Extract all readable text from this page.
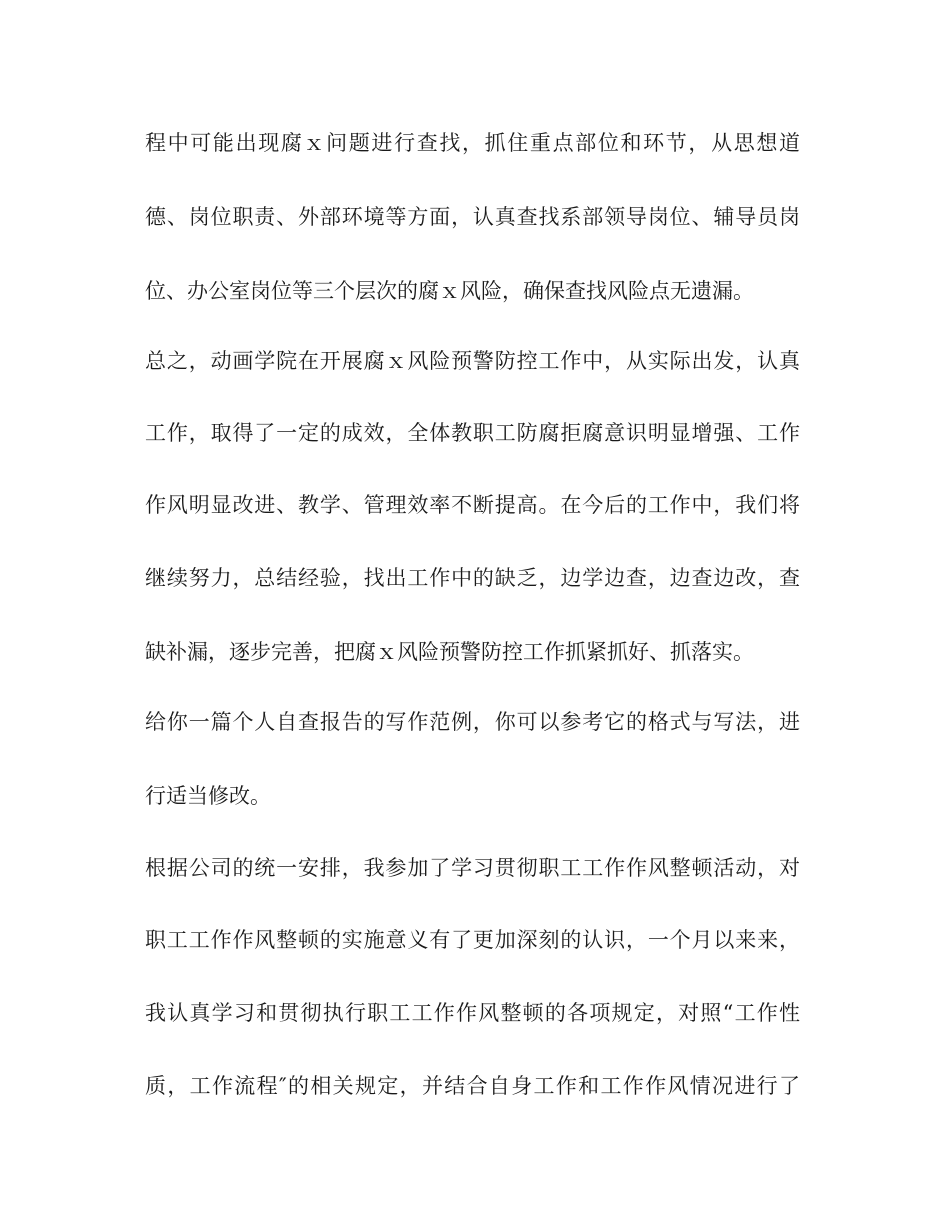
程中可能出现腐ｘ问题进行查找，抓住重点部位和环节，从思想道
德、岗位职责、外部环境等方面，认真查找系部领导岗位、辅导员岗
位、办公室岗位等三个层次的腐ｘ风险，确保查找风险点无遗漏。
总之，动画学院在开展腐ｘ风险预警防控工作中，从实际出发，认真
工作，取得了一定的成效，全体教职工防腐拒腐意识明显增强、工作
作风明显改进、教学、管理效率不断提高。在今后的工作中，我们将
继续努力，总结经验，找出工作中的缺乏，边学边查，边查边改，查
缺补漏，逐步完善，把腐ｘ风险预警防控工作抓紧抓好、抓落实。
给你一篇个人自查报告的写作范例，你可以参考它的格式与写法，进
行适当修改。
根据公司的统一安排，我参加了学习贯彻职工工作作风整顿活动，对
职工工作作风整顿的实施意义有了更加深刻的认识，一个月以来来，
我认真学习和贯彻执行职工工作作风整顿的各项规定，对照“工作性
质，工作流程″的相关规定，并结合自身工作和工作作风情况进行了
